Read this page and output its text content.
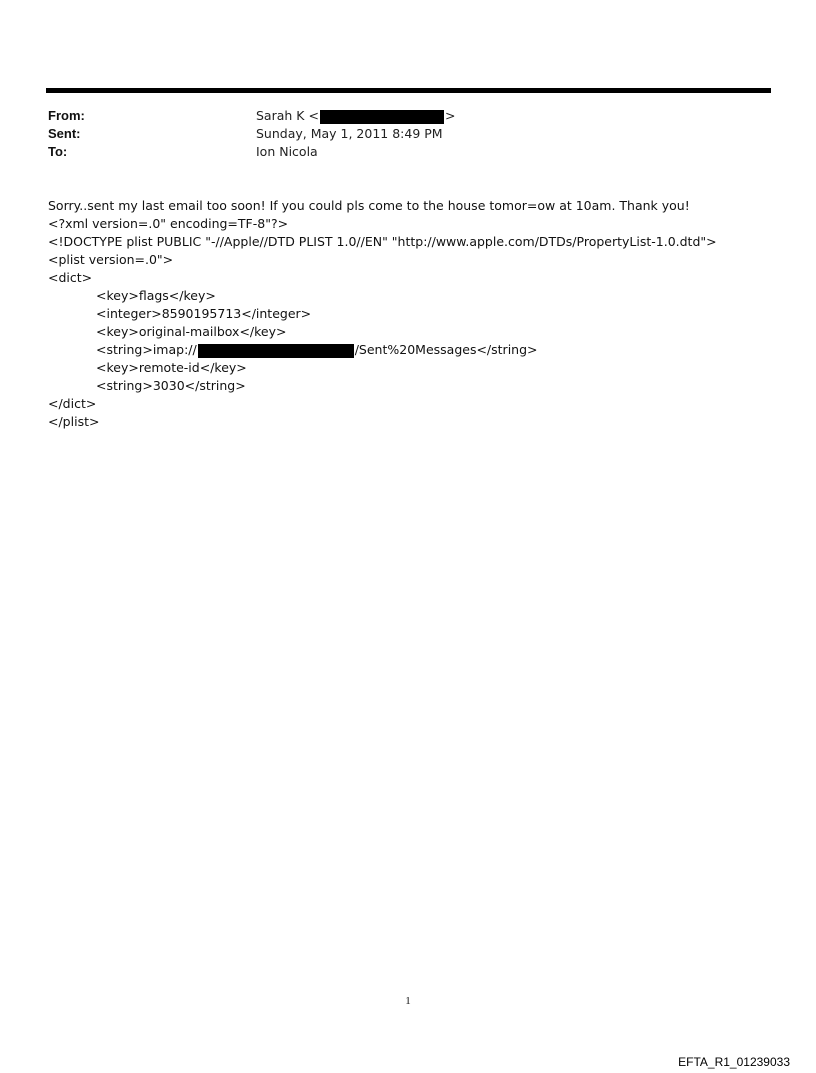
From:	Sarah K <	>
Sent:	Sunday, May 1, 2011 8:49 PM
To:	Ion Nicola
Sorry..sent my last email too soon! If you could pls come to the house tomor=ow at 10am. Thank you!
<?xml version=.0" encoding=TF-8"?>
<!DOCTYPE plist PUBLIC "-//Apple//DTD PLIST 1.0//EN" "http://www.apple.com/DTDs/PropertyList-1.0.dtd">
<plist version=.0">
<dict>
<key>flags</key>
<integer>8590195713</integer>
<key>original-mailbox</key>
<string>imap://	/Sent%20Messages</string>
<key>remote-id</key>
<string>3030</string>
</dict>
</plist>
1
EFTA_R1_01239033
